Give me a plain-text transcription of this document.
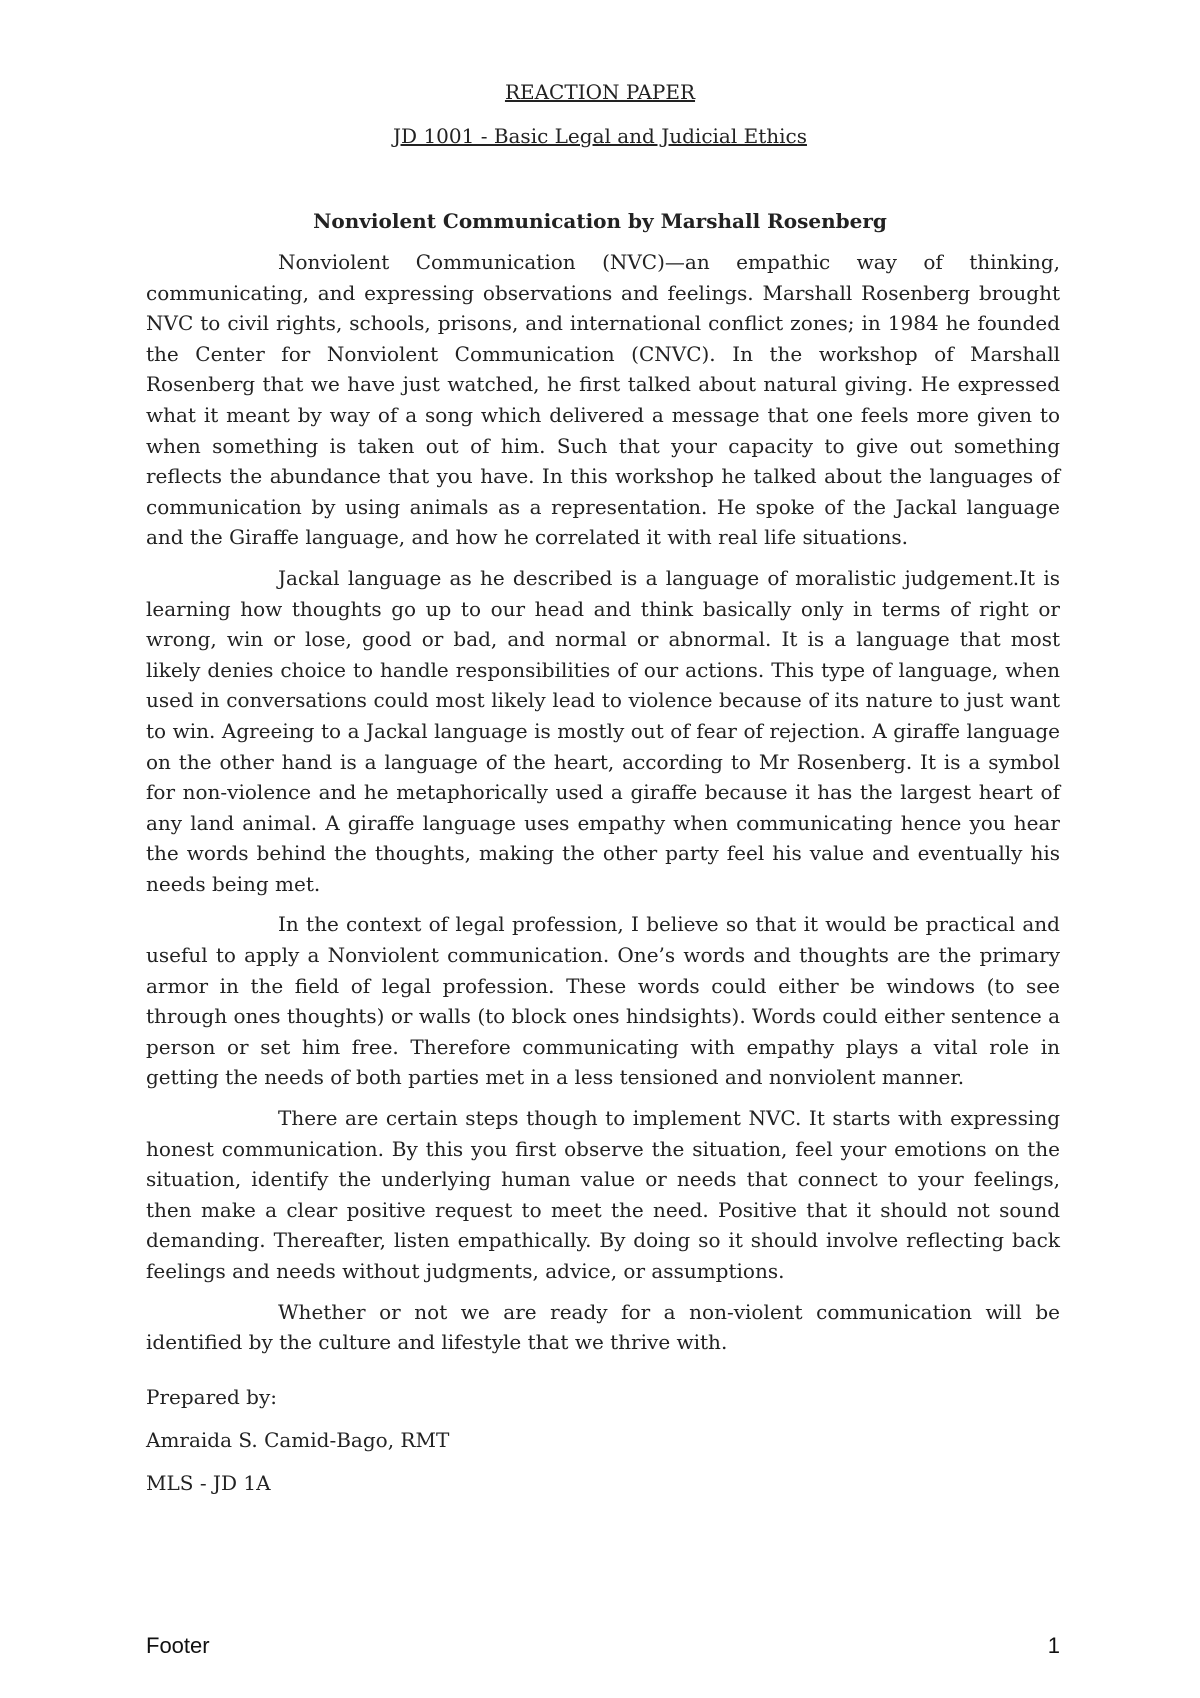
REACTION PAPER
JD 1001 - Basic Legal and Judicial Ethics
Nonviolent Communication by Marshall Rosenberg

Nonviolent Communication (NVC)—an empathic way of thinking, communicating, and expressing observations and feelings. Marshall Rosenberg brought NVC to civil rights, schools, prisons, and international conflict zones; in 1984 he founded the Center for Nonviolent Communication (CNVC). In the workshop of Marshall Rosenberg that we have just watched, he first talked about natural giving. He expressed what it meant by way of a song which delivered a message that one feels more given to when something is taken out of him. Such that your capacity to give out something reflects the abundance that you have. In this workshop he talked about the languages of communication by using animals as a representation. He spoke of the Jackal language and the Giraffe language, and how he correlated it with real life situations.

Jackal language as he described is a language of moralistic judgement.It is learning how thoughts go up to our head and think basically only in terms of right or wrong, win or lose, good or bad, and normal or abnormal. It is a language that most likely denies choice to handle responsibilities of our actions. This type of language, when used in conversations could most likely lead to violence because of its nature to just want to win. Agreeing to a Jackal language is mostly out of fear of rejection. A giraffe language on the other hand is a language of the heart, according to Mr Rosenberg. It is a symbol for non-violence and he metaphorically used a giraffe because it has the largest heart of any land animal. A giraffe language uses empathy when communicating hence you hear the words behind the thoughts, making the other party feel his value and eventually his needs being met.

In the context of legal profession, I believe so that it would be practical and useful to apply a Nonviolent communication. One’s words and thoughts are the primary armor in the field of legal profession. These words could either be windows (to see through ones thoughts) or walls (to block ones hindsights). Words could either sentence a person or set him free. Therefore communicating with empathy plays a vital role in getting the needs of both parties met in a less tensioned and nonviolent manner.

There are certain steps though to implement NVC. It starts with expressing honest communication. By this you first observe the situation, feel your emotions on the situation, identify the underlying human value or needs that connect to your feelings, then make a clear positive request to meet the need. Positive that it should not sound demanding. Thereafter, listen empathically. By doing so it should involve reflecting back feelings and needs without judgments, advice, or assumptions.

Whether or not we are ready for a non-violent communication will be identified by the culture and lifestyle that we thrive with.

Prepared by:

Amraida S. Camid-Bago, RMT

MLS - JD 1A

Footer	1
